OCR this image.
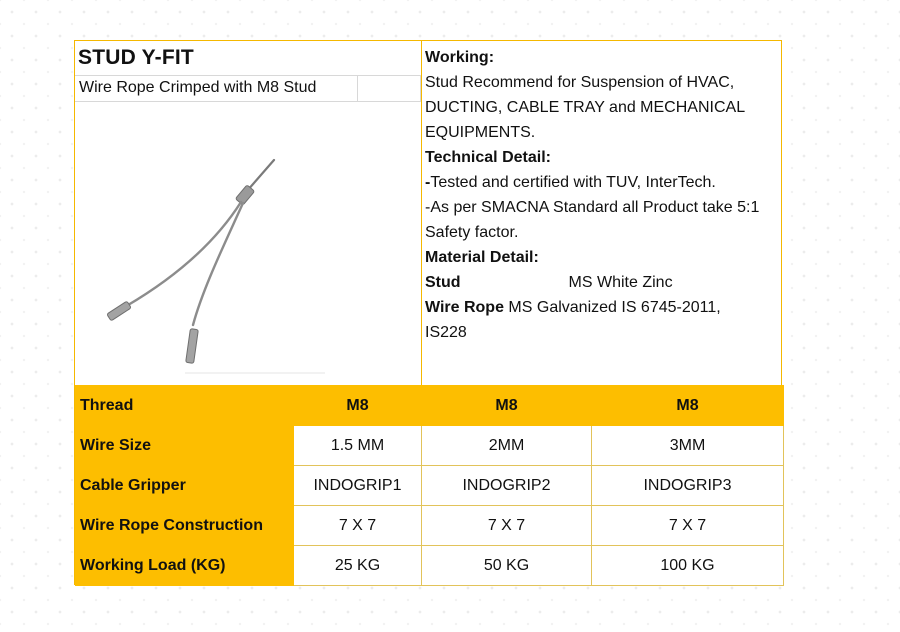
STUD Y-FIT
Wire Rope Crimped with M8 Stud
Working:
Stud Recommend for Suspension of HVAC,
DUCTING, CABLE TRAY and MECHANICAL
EQUIPMENTS.
Technical Detail:
-Tested and certified with TUV, InterTech.
-As per SMACNA Standard all Product take 5:1
Safety factor.
Material Detail:
Stud	MS White Zinc
Wire Rope MS Galvanized IS 6745-2011,
IS228
Thread	M8	M8	M8
Wire Size	1.5 MM	2MM	3MM
Cable Gripper	INDOGRIP1	INDOGRIP2	INDOGRIP3
Wire Rope Construction	7 X 7	7 X 7	7 X 7
Working Load (KG)	25 KG	50 KG	100 KG
